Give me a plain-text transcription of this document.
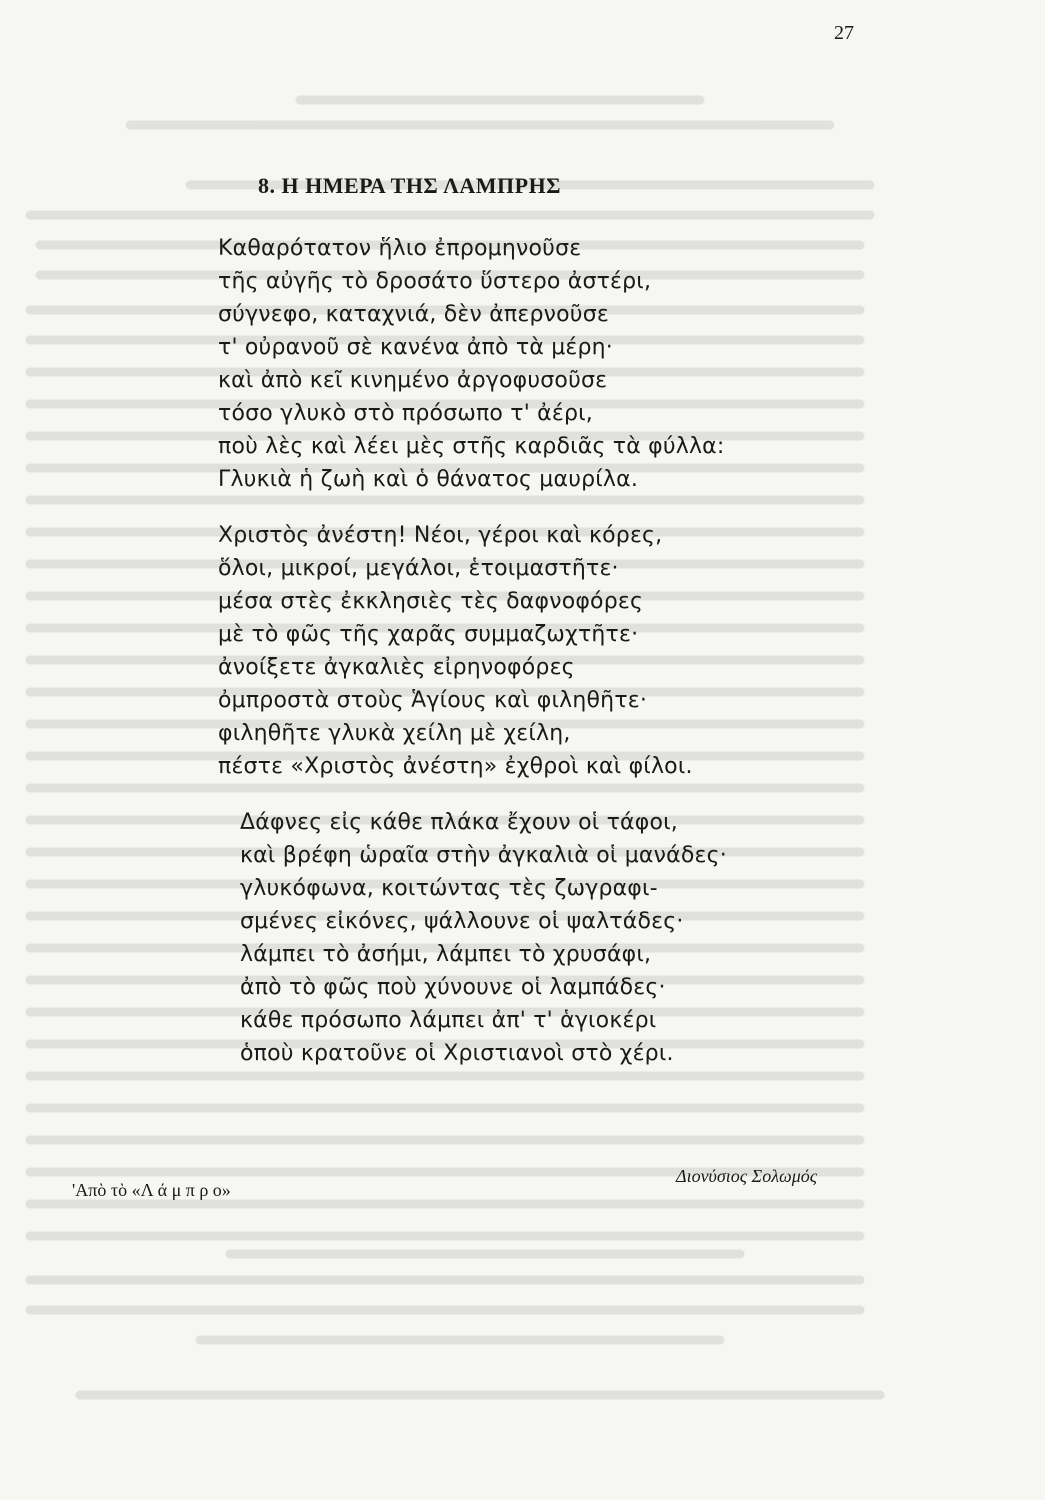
27
8. Η ΗΜΕΡΑ ΤΗΣ ΛΑΜΠΡΗΣ
Καθαρότατον ἥλιο ἐπρομηνοῦσε
τῆς αὐγῆς τὸ δροσάτο ὕστερο ἀστέρι,
σύγνεφο, καταχνιά, δὲν ἀπερνοῦσε
τ' οὐρανοῦ σὲ κανένα ἀπὸ τὰ μέρη·
καὶ ἀπὸ κεῖ κινημένο ἀργοφυσοῦσε
τόσο γλυκὸ στὸ πρόσωπο τ' ἀέρι,
ποὺ λὲς καὶ λέει μὲς στῆς καρδιᾶς τὰ φύλλα:
Γλυκιὰ ἡ ζωὴ καὶ ὁ θάνατος μαυρίλα.
Χριστὸς ἀνέστη! Νέοι, γέροι καὶ κόρες,
ὅλοι, μικροί, μεγάλοι, ἑτοιμαστῆτε·
μέσα στὲς ἐκκλησιὲς τὲς δαφνοφόρες
μὲ τὸ φῶς τῆς χαρᾶς συμμαζωχτῆτε·
ἀνοίξετε ἀγκαλιὲς εἰρηνοφόρες
ὀμπροστὰ στοὺς Ἁγίους καὶ φιληθῆτε·
φιληθῆτε γλυκὰ χείλη μὲ χείλη,
πέστε «Χριστὸς ἀνέστη» ἐχθροὶ καὶ φίλοι.
Δάφνες εἰς κάθε πλάκα ἔχουν οἱ τάφοι,
καὶ βρέφη ὡραῖα στὴν ἀγκαλιὰ οἱ μανάδες·
γλυκόφωνα, κοιτώντας τὲς ζωγραφι-
σμένες εἰκόνες, ψάλλουνε οἱ ψαλτάδες·
λάμπει τὸ ἀσήμι, λάμπει τὸ χρυσάφι,
ἀπὸ τὸ φῶς ποὺ χύνουνε οἱ λαμπάδες·
κάθε πρόσωπο λάμπει ἀπ' τ' ἁγιοκέρι
ὁποὺ κρατοῦνε οἱ Χριστιανοὶ στὸ χέρι.
'Απὸ τὸ «Λ ά μ π ρ ο»
Διονύσιος Σολωμός
